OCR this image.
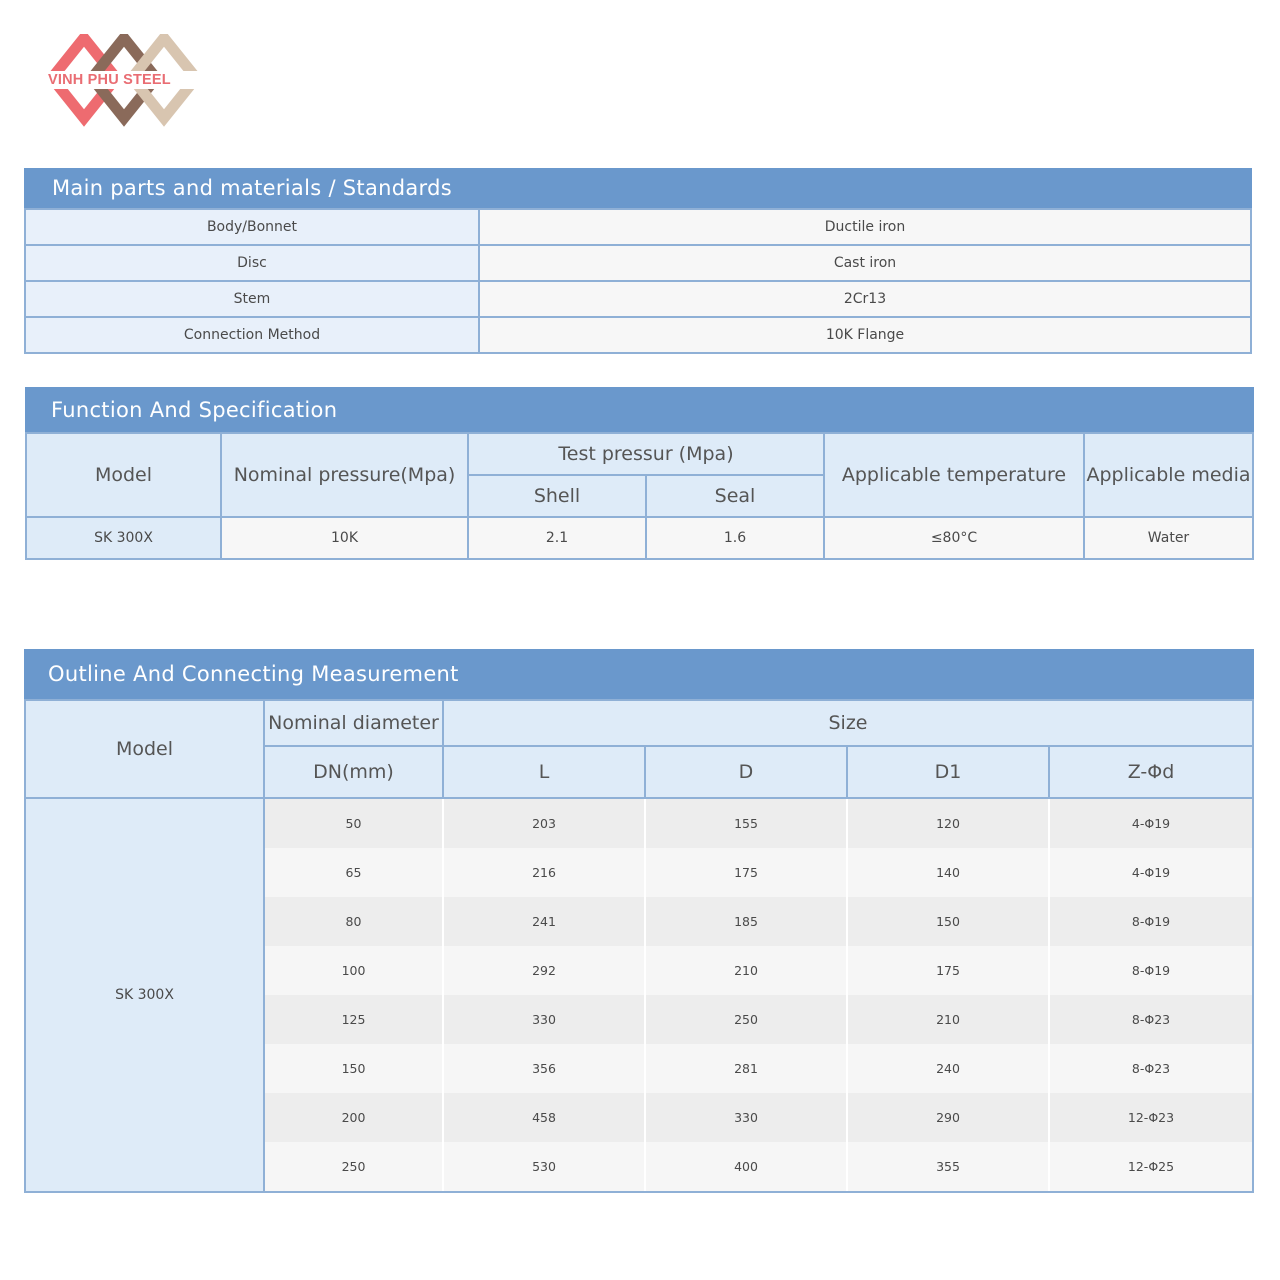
VINH PHU STEEL
Main parts and materials / Standards
Body/Bonnet	Ductile iron
Disc	Cast iron
Stem	2Cr13
Connection Method	10K Flange
Function And Specification
Model	Nominal pressure(Mpa)	Test pressur (Mpa)		Applicable temperature	Applicable media
		Shell	Seal		
SK 300X	10K	2.1	1.6	≤80°C	Water
Outline And Connecting Measurement
Model	Nominal diameter	Size			
	DN(mm)	L	D	D1	Z-Φd
SK 300X	50	203	155	120	4-Φ19
	65	216	175	140	4-Φ19
	80	241	185	150	8-Φ19
	100	292	210	175	8-Φ19
	125	330	250	210	8-Φ23
	150	356	281	240	8-Φ23
	200	458	330	290	12-Φ23
	250	530	400	355	12-Φ25
